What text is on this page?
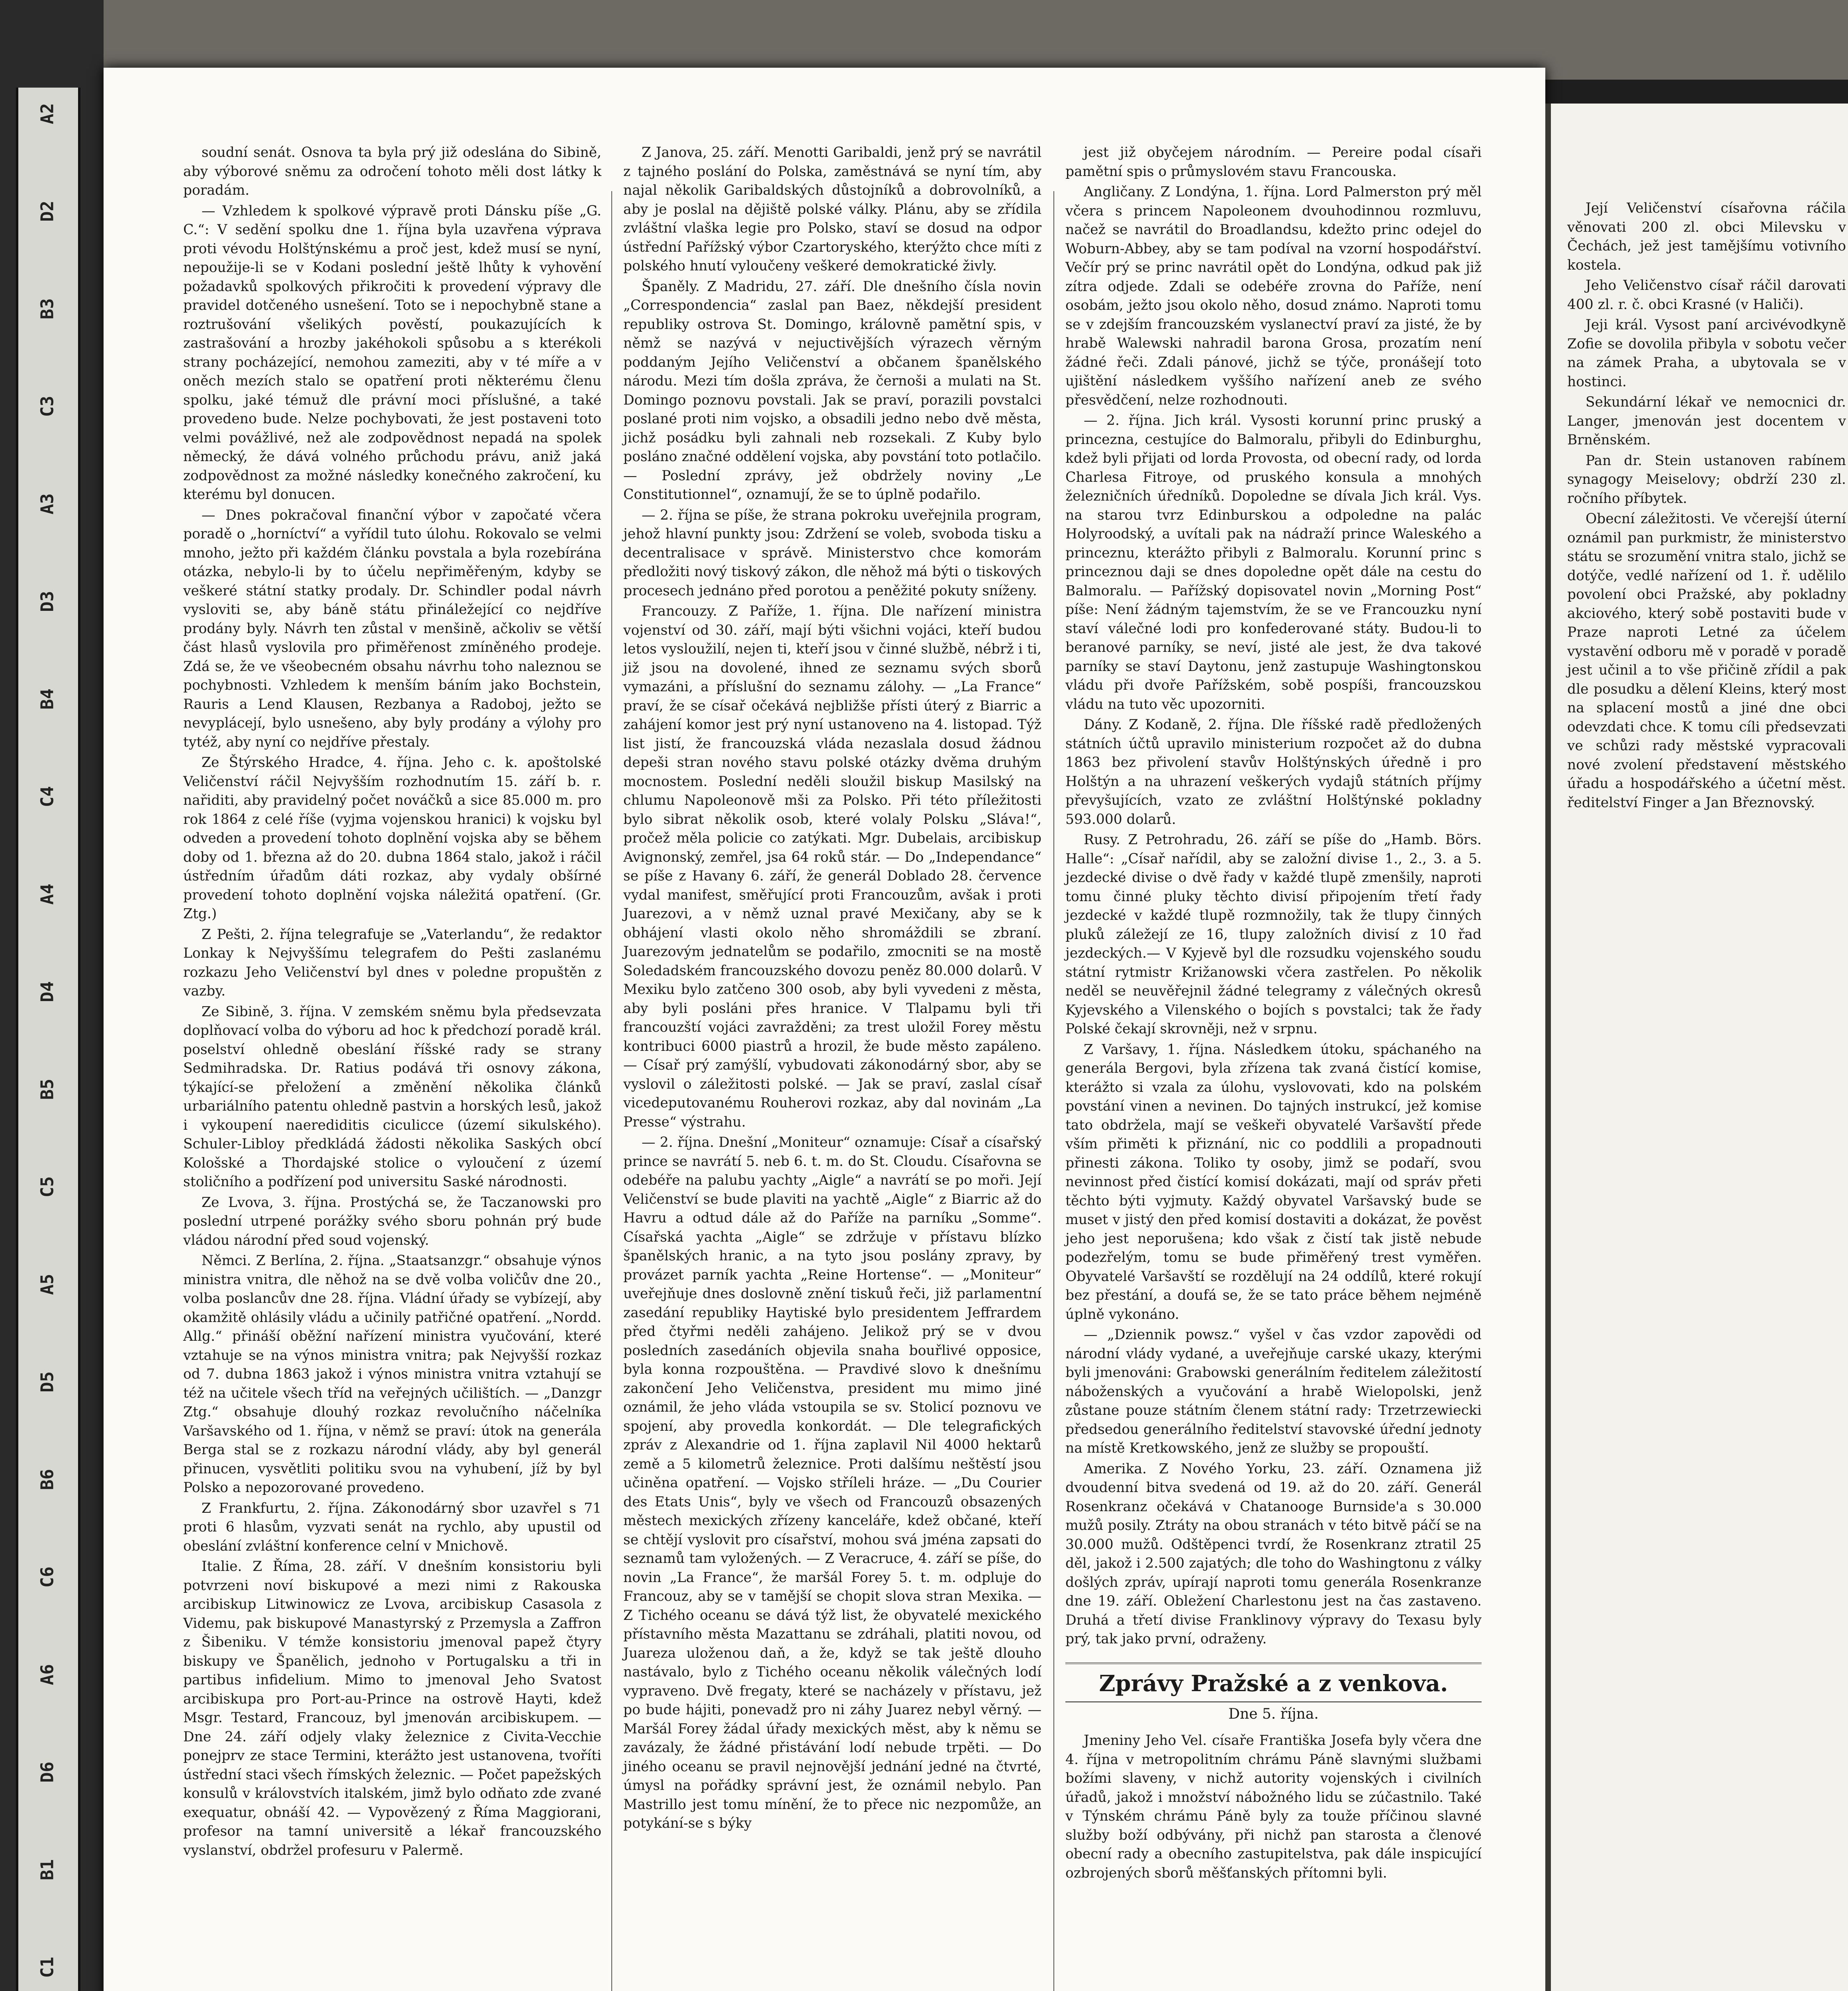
A2
D2
B3
C3
A3
D3
B4
C4
A4
D4
B5
C5
A5
D5
B6
C6
A6
D6
B1
C1

soudní senát. Osnova ta byla prý již odeslána do Sibině, aby výborové sněmu za odročení tohoto měli dost látky k poradám.

— Vzhledem k spolkové výpravě proti Dánsku píše „G. C.“: V sedění spolku dne 1. října byla uzavřena výprava proti vévodu Holštýnskému a proč jest, kdež musí se nyní, nepoužije-li se v Kodani poslední ještě lhůty k vyhovění požadavků spolkových přikročiti k provedení výpravy dle pravidel dotčeného usnešení. Toto se i nepochybně stane a roztrušování všelikých pověstí, poukazujících k zastrašování a hrozby jakéhokoli spůsobu a s kterékoli strany pocházející, nemohou zameziti, aby v té míře a v oněch mezích stalo se opatření proti některému členu spolku, jaké témuž dle právní moci příslušné, a také provedeno bude. Nelze pochybovati, že jest postaveni toto velmi povážlivé, než ale zodpovědnost nepadá na spolek německý, že dává volného průchodu právu, aniž jaká zodpovědnost za možné následky konečného zakročení, ku kterému byl donucen.

— Dnes pokračoval finanční výbor v započaté včera poradě o „horníctví“ a vyřídil tuto úlohu. Rokovalo se velmi mnoho, ježto při každém článku povstala a byla rozebírána otázka, nebylo-li by to účelu nepřiměřeným, kdyby se veškeré státní statky prodaly. Dr. Schindler podal návrh vysloviti se, aby báně státu přináležející co nejdříve prodány byly. Návrh ten zůstal v menšině, ačkoliv se větší část hlasů vyslovila pro přiměřenost zmíněného prodeje. Zdá se, že ve všeobecném obsahu návrhu toho naleznou se pochybnosti. Vzhledem k menším báním jako Bochstein, Rauris a Lend Klausen, Rezbanya a Radoboj, ježto se nevyplácejí, bylo usnešeno, aby byly prodány a výlohy pro tytéž, aby nyní co nejdříve přestaly.

Ze Štýrského Hradce, 4. října. Jeho c. k. apoštolské Veličenství ráčil Nejvyšším rozhodnutím 15. září b. r. nařiditi, aby pravidelný počet nováčků a sice 85.000 m. pro rok 1864 z celé říše (vyjma vojenskou hranici) k vojsku byl odveden a provedení tohoto doplnění vojska aby se během doby od 1. března až do 20. dubna 1864 stalo, jakož i ráčil ústředním úřadům dáti rozkaz, aby vydaly obšírné provedení tohoto doplnění vojska náležitá opatření. (Gr. Ztg.)

Z Pešti, 2. října telegrafuje se „Vaterlandu“, že redaktor Lonkay k Nejvyššímu telegrafem do Pešti zaslanému rozkazu Jeho Veličenství byl dnes v poledne propuštěn z vazby.

Ze Sibině, 3. října. V zemském sněmu byla předsevzata doplňovací volba do výboru ad hoc k předchozí poradě král. poselství ohledně obeslání říšské rady se strany Sedmihradska. Dr. Ratius podává tři osnovy zákona, týkající-se přeložení a změnění několika článků urbariálního patentu ohledně pastvin a horských lesů, jakož i vykoupení naerediditis ciculicce (území sikulského). Schuler-Libloy předkládá žádosti několika Saských obcí Kološské a Thordajské stolice o vyloučení z území stoličního a podřízení pod universitu Saské národnosti.

Ze Lvova, 3. října. Prostýchá se, že Taczanowski pro poslední utrpené porážky svého sboru pohnán prý bude vládou národní před soud vojenský.

Němci. Z Berlína, 2. října. „Staatsanzgr.“ obsahuje výnos ministra vnitra, dle něhož na se dvě volba voličův dne 20., volba poslancův dne 28. října. Vládní úřady se vybízejí, aby okamžitě ohlásily vládu a učinily patřičné opatření. „Nordd. Allg.“ přináší oběžní nařízení ministra vyučování, které vztahuje se na výnos ministra vnitra; pak Nejvyšší rozkaz od 7. dubna 1863 jakož i výnos ministra vnitra vztahují se též na učitele všech tříd na veřejných učilištích. — „Danzgr Ztg.“ obsahuje dlouhý rozkaz revolučního náčelníka Varšavského od 1. října, v němž se praví: útok na generála Berga stal se z rozkazu národní vlády, aby byl generál přinucen, vysvětliti politiku svou na vyhubení, jíž by byl Polsko a nepozorované provedeno.

Z Frankfurtu, 2. října. Zákonodárný sbor uzavřel s 71 proti 6 hlasům, vyzvati senát na rychlo, aby upustil od obeslání zvláštní konference celní v Mnichově.

Italie. Z Říma, 28. září. V dnešním konsistoriu byli potvrzeni noví biskupové a mezi nimi z Rakouska arcibiskup Litwinowicz ze Lvova, arcibiskup Casasola z Videmu, pak biskupové Manastyrský z Przemysla a Zaffron z Šibeniku. V témže konsistoriu jmenoval papež čtyry biskupy ve Španělich, jednoho v Portugalsku a tři in partibus infidelium. Mimo to jmenoval Jeho Svatost arcibiskupa pro Port-au-Prince na ostrově Hayti, kdež Msgr. Testard, Francouz, byl jmenován arcibiskupem. — Dne 24. září odjely vlaky železnice z Civita-Vecchie ponejprv ze stace Termini, kterážto jest ustanovena, tvoříti ústřední staci všech římských železnic. — Počet papežských konsulů v královstvích italském, jimž bylo odňato zde zvané exequatur, obnáší 42. — Vypovězený z Říma Maggiorani, profesor na tamní universitě a lékař francouzského vyslanství, obdržel profesuru v Palermě.

Z Janova, 25. září. Menotti Garibaldi, jenž prý se navrátil z tajného poslání do Polska, zaměstnává se nyní tím, aby najal několik Garibaldských důstojníků a dobrovolníků, a aby je poslal na dějiště polské války. Plánu, aby se zřídila zvláštní vlaška legie pro Polsko, staví se dosud na odpor ústřední Pařížský výbor Czartoryského, kterýžto chce míti z polského hnutí vyloučeny veškeré demokratické živly.

Španěly. Z Madridu, 27. září. Dle dnešního čísla novin „Correspondencia“ zaslal pan Baez, někdejší president republiky ostrova St. Domingo, královně pamětní spis, v němž se nazývá v nejuctivějších výrazech věrným poddaným Jejího Veličenství a občanem španělského národu. Mezi tím došla zpráva, že černoši a mulati na St. Domingo poznovu povstali. Jak se praví, porazili povstalci poslané proti nim vojsko, a obsadili jedno nebo dvě města, jichž posádku byli zahnali neb rozsekali. Z Kuby bylo posláno značné oddělení vojska, aby povstání toto potlačilo. — Poslední zprávy, jež obdržely noviny „Le Constitutionnel“, oznamují, že se to úplně podařilo.

— 2. října se píše, že strana pokroku uveřejnila program, jehož hlavní punkty jsou: Zdržení se voleb, svoboda tisku a decentralisace v správě. Ministerstvo chce komorám předložiti nový tiskový zákon, dle něhož má býti o tiskových procesech jednáno před porotou a peněžité pokuty sníženy.

Francouzy. Z Paříže, 1. října. Dle nařízení ministra vojenství od 30. září, mají býti všichni vojáci, kteří budou letos vysloužilí, nejen ti, kteří jsou v činné službě, nébrž i ti, již jsou na dovolené, ihned ze seznamu svých sborů vymazáni, a příslušní do seznamu zálohy. — „La France“ praví, že se císař očekává nejbližše přísti úterý z Biarric a zahájení komor jest prý nyní ustanoveno na 4. listopad. Týž list jistí, že francouzská vláda nezaslala dosud žádnou depeši stran nového stavu polské otázky dvěma druhým mocnostem. Poslední neděli sloužil biskup Masilský na chlumu Napoleonově mši za Polsko. Při této příležitosti bylo sibrat několik osob, které volaly Polsku „Sláva!“, pročež měla policie co zatýkati. Mgr. Dubelais, arcibiskup Avignonský, zemřel, jsa 64 roků stár. — Do „Independance“ se píše z Havany 6. září, že generál Doblado 28. července vydal manifest, směřující proti Francouzům, avšak i proti Juarezovi, a v němž uznal pravé Mexičany, aby se k obhájení vlasti okolo něho shromáždili se zbraní. Juarezovým jednatelům se podařilo, zmocniti se na mostě Soledadském francouzského dovozu peněz 80.000 dolarů. V Mexiku bylo zatčeno 300 osob, aby byli vyvedeni z města, aby byli posláni přes hranice. V Tlalpamu byli tři francouzští vojáci zavražděni; za trest uložil Forey městu kontribuci 6000 piastrů a hrozil, že bude město zapáleno. — Císař prý zamýšlí, vybudovati zákonodárný sbor, aby se vyslovil o záležitosti polské. — Jak se praví, zaslal císař vicedeputovanému Rouherovi rozkaz, aby dal novinám „La Presse“ výstrahu.

— 2. října. Dnešní „Moniteur“ oznamuje: Císař a císařský prince se navrátí 5. neb 6. t. m. do St. Cloudu. Císařovna se odebéře na palubu yachty „Aigle“ a navrátí se po moři. Její Veličenství se bude plaviti na yachtě „Aigle“ z Biarric až do Havru a odtud dále až do Paříže na parníku „Somme“. Císařská yachta „Aigle“ se zdržuje v přístavu blízko španělských hranic, a na tyto jsou poslány zpravy, by provázet parník yachta „Reine Hortense“. — „Moniteur“ uveřejňuje dnes doslovně znění tiskuů řeči, již parlamentní zasedání republiky Haytiské bylo presidentem Jeffrardem před čtyřmi neděli zahájeno. Jelikož prý se v dvou posledních zasedáních objevila snaha bouřlivé opposice, byla konna rozpouštěna. — Pravdivé slovo k dnešnímu zakončení Jeho Veličenstva, president mu mimo jiné oznámil, že jeho vláda vstoupila se sv. Stolicí poznovu ve spojení, aby provedla konkordát. — Dle telegrafických zpráv z Alexandrie od 1. října zaplavil Nil 4000 hektarů země a 5 kilometrů železnice. Proti dalšímu neštěstí jsou učiněna opatření. — Vojsko stříleli hráze. — „Du Courier des Etats Unis“, byly ve všech od Francouzů obsazených městech mexických zřízeny kanceláře, kdež občané, kteří se chtějí vyslovit pro císařství, mohou svá jména zapsati do seznamů tam vyložených. — Z Veracruce, 4. září se píše, do novin „La France“, že maršál Forey 5. t. m. odpluje do Francouz, aby se v tamější se chopit slova stran Mexika. — Z Tichého oceanu se dává týž list, že obyvatelé mexického přístavního města Mazattanu se zdráhali, platiti novou, od Juareza uloženou daň, a že, když se tak ještě dlouho nastávalo, bylo z Tichého oceanu několik válečných lodí vypraveno. Dvě fregaty, které se nacházely v přístavu, jež po bude hájiti, ponevadž pro ni záhy Juarez nebyl věrný. — Maršál Forey žádal úřady mexických měst, aby k němu se zavázaly, že žádné přistávání lodí nebude trpěti. — Do jiného oceanu se pravil nejnovější jednání jedné na čtvrté, úmysl na pořádky správní jest, že oznámil nebylo. Pan Mastrillo jest tomu mínění, že to přece nic nezpomůže, an potykání-se s býky

jest již obyčejem národním. — Pereire podal císaři pamětní spis o průmyslovém stavu Francouska.

Angličany. Z Londýna, 1. října. Lord Palmerston prý měl včera s princem Napoleonem dvouhodinnou rozmluvu, načež se navrátil do Broadlandsu, kdežto princ odejel do Woburn-Abbey, aby se tam podíval na vzorní hospodářství. Večír prý se princ navrátil opět do Londýna, odkud pak již zítra odjede. Zdali se odebéře zrovna do Paříže, není osobám, ježto jsou okolo něho, dosud známo. Naproti tomu se v zdejším francouzském vyslanectví praví za jisté, že by hrabě Walewski nahradil barona Grosa, prozatím není žádné řeči. Zdali pánové, jichž se týče, pronášejí toto ujištění následkem vyššího nařízení aneb ze svého přesvědčení, nelze rozhodnouti.

— 2. října. Jich král. Vysosti korunní princ pruský a princezna, cestujíce do Balmoralu, přibyli do Edinburghu, kdež byli přijati od lorda Provosta, od obecní rady, od lorda Charlesa Fitroye, od pruského konsula a mnohých železničních úředníků. Dopoledne se dívala Jich král. Vys. na starou tvrz Edinburskou a odpoledne na palác Holyroodský, a uvítali pak na nádraží prince Waleského a princeznu, kterážto přibyli z Balmoralu. Korunní princ s princeznou daji se dnes dopoledne opět dále na cestu do Balmoralu. — Pařížský dopisovatel novin „Morning Post“ píše: Není žádným tajemstvím, že se ve Francouzku nyní staví válečné lodi pro konfederované státy. Budou-li to beranové parníky, se neví, jisté ale jest, že dva takové parníky se staví Daytonu, jenž zastupuje Washingtonskou vládu při dvoře Pařížském, sobě pospíši, francouzskou vládu na tuto věc upozorniti.

Dány. Z Kodaně, 2. října. Dle říšské radě předložených státních účtů upravilo ministerium rozpočet až do dubna 1863 bez přivolení stavův Holštýnských úředně i pro Holštýn a na uhrazení veškerých vydajů státních příjmy převyšujících, vzato ze zvláštní Holštýnské pokladny 593.000 dolarů.

Rusy. Z Petrohradu, 26. září se píše do „Hamb. Börs. Halle“: „Císař nařídil, aby se založní divise 1., 2., 3. a 5. jezdecké divise o dvě řady v každé tlupě zmenšily, naproti tomu činné pluky těchto divisí připojením třetí řady jezdecké v každé tlupě rozmnožily, tak že tlupy činných pluků záležejí ze 16, tlupy založních divisí z 10 řad jezdeckých.— V Kyjevě byl dle rozsudku vojenského soudu státní rytmistr Križanowski včera zastřelen. Po několik neděl se neuvěřejnil žádné telegramy z válečných okresů Kyjevského a Vilenského o bojích s povstalci; tak že řady Polské čekají skrovněji, než v srpnu.

Z Varšavy, 1. října. Následkem útoku, spáchaného na generála Bergovi, byla zřízena tak zvaná čistící komise, kterážto si vzala za úlohu, vyslovovati, kdo na polském povstání vinen a nevinen. Do tajných instrukcí, jež komise tato obdržela, mají se veškeři obyvatelé Varšavští přede vším přiměti k přiznání, nic co poddlili a propadnouti přinesti zákona. Toliko ty osoby, jimž se podaří, svou nevinnost před čistící komisí dokázati, mají od správ přeti těchto býti vyjmuty. Každý obyvatel Varšavský bude se muset v jistý den před komisí dostaviti a dokázat, že pověst jeho jest neporušena; kdo však z čistí tak jistě nebude podezřelým, tomu se bude přiměřený trest vyměřen. Obyvatelé Varšavští se rozdělují na 24 oddílů, které rokují bez přestání, a doufá se, že se tato práce během nejméně úplně vykonáno.

— „Dziennik powsz.“ vyšel v čas vzdor zapovědi od národní vlády vydané, a uveřejňuje carské ukazy, kterými byli jmenováni: Grabowski generálním ředitelem záležitostí náboženských a vyučování a hrabě Wielopolski, jenž zůstane pouze státním členem státní rady: Trzetrzewiecki předsedou generálního ředitelství stavovské úřední jednoty na místě Kretkowského, jenž ze služby se propouští.

Amerika. Z Nového Yorku, 23. září. Oznamena již dvoudenní bitva svedená od 19. až do 20. září. Generál Rosenkranz očekává v Chatanooge Burnside'a s 30.000 mužů posily. Ztráty na obou stranách v této bitvě páčí se na 30.000 mužů. Odštěpenci tvrdí, že Rosenkranz ztratil 25 děl, jakož i 2.500 zajatých; dle toho do Washingtonu z války došlých zpráv, upírají naproti tomu generála Rosenkranze dne 19. září. Obležení Charlestonu jest na čas zastaveno. Druhá a třetí divise Franklinovy výpravy do Texasu byly prý, tak jako první, odraženy.

Zprávy Pražské a z venkova.
Dne 5. října.

Jmeniny Jeho Vel. císaře Františka Josefa byly včera dne 4. října v metropolitním chrámu Páně slavnými službami božími slaveny, v nichž autority vojenských i civilních úřadů, jakož i množství nábožného lidu se zúčastnilo. Také v Týnském chrámu Páně byly za touže příčinou slavné služby boží odbývány, při nichž pan starosta a členové obecní rady a obecního zastupitelstva, pak dále inspicující ozbrojených sborů měšťanských přítomni byli.

Její Veličenství císařovna ráčila věnovati 200 zl. obci Milevsku v Čechách, jež jest tamějšímu votivního kostela.

Jeho Veličenstvo císař ráčil darovati 400 zl. r. č. obci Krasné (v Haliči).

Jeji král. Vysost paní arcivévodkyně Zofie se dovolila přibyla v sobotu večer na zámek Praha, a ubytovala se v hostinci.

Sekundární lékař ve nemocnici dr. Langer, jmenován jest docentem v Brněnském.

Pan dr. Stein ustanoven rabínem synagogy Meiselovy; obdrží 230 zl. ročního příbytek.

Obecní záležitosti. Ve včerejší úterní oznámil pan purkmistr, že ministerstvo státu se srozumění vnitra stalo, jichž se dotýče, vedlé nařízení od 1. ř. udělilo povolení obci Pražské, aby pokladny akciového, který sobě postaviti bude v Praze naproti Letné za účelem vystavění odboru mě v poradě v poradě jest učinil a to vše přičině zřídil a pak dle posudku a dělení Kleins, který most na splacení mostů a jiné dne obci odevzdati chce. K tomu cíli předsevzati ve schůzi rady městské vypracovali nové zvolení představení městského úřadu a hospodářského a účetní měst. ředitelství Finger a Jan Březnovský.
